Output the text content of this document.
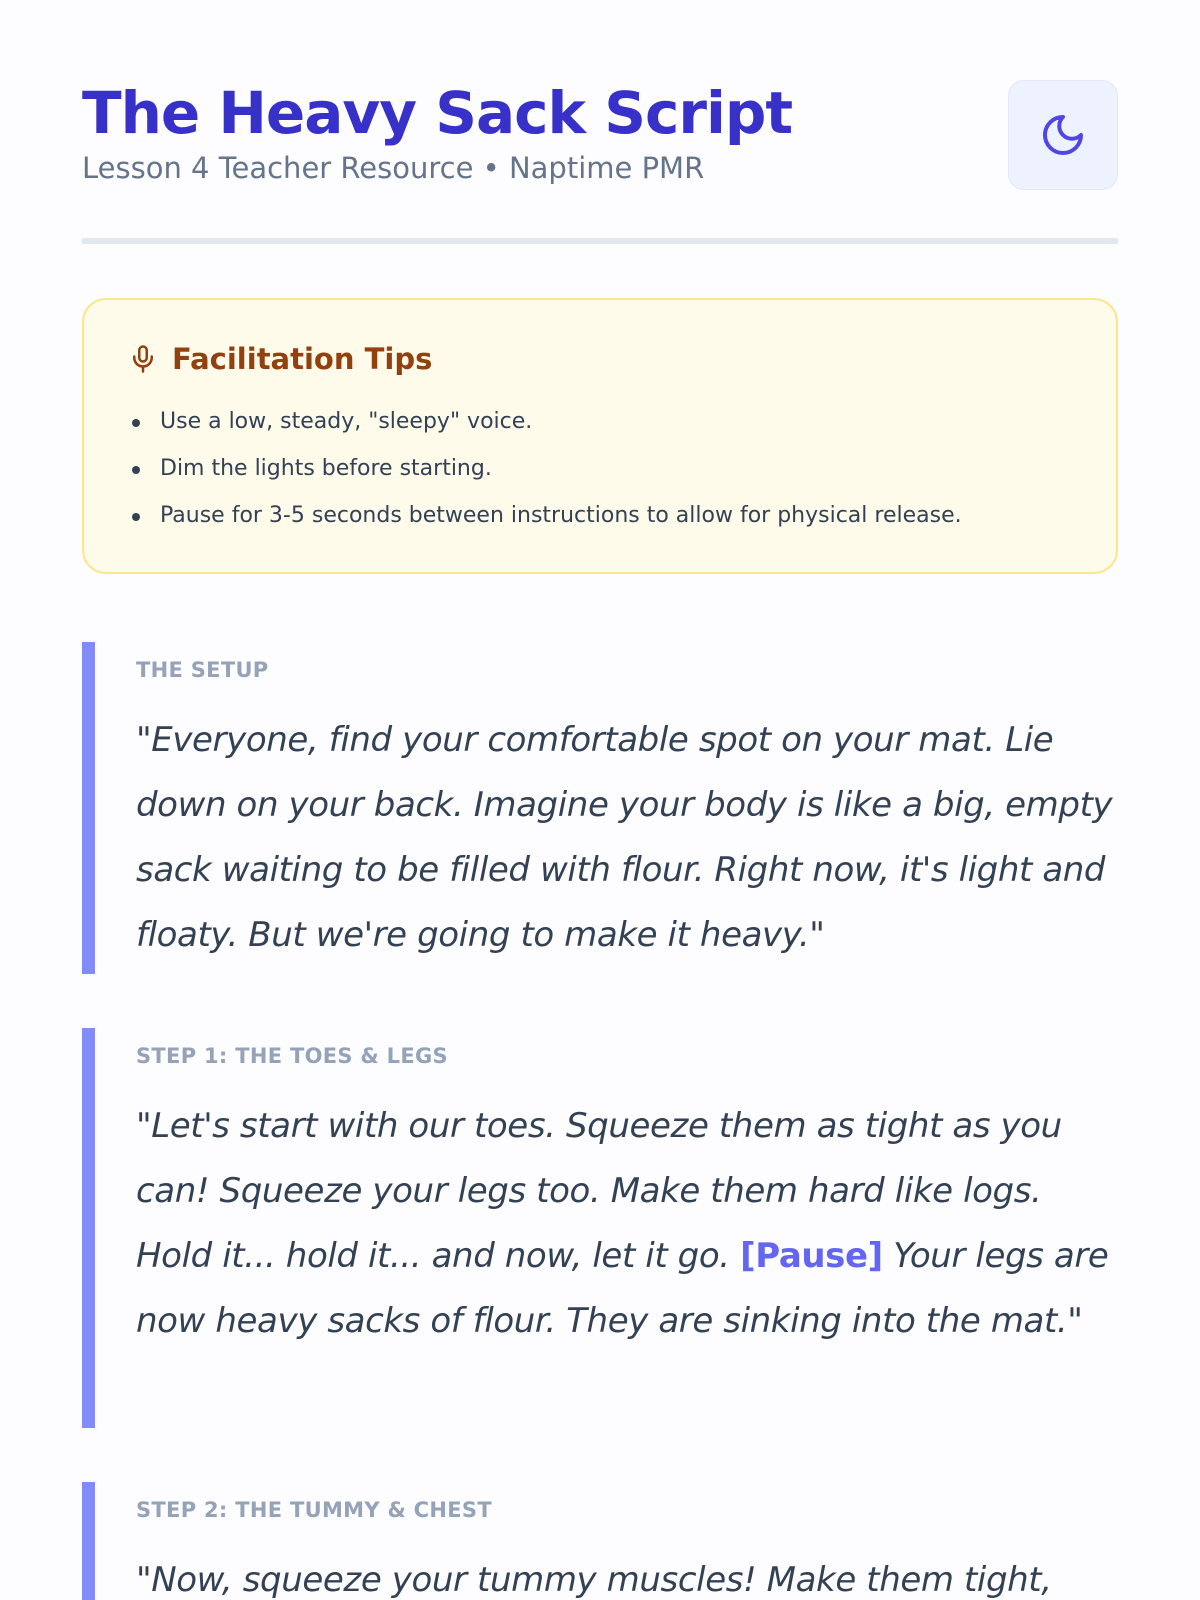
The Heavy Sack Script
Lesson 4 Teacher Resource • Naptime PMR
Facilitation Tips
Use a low, steady, "sleepy" voice.
Dim the lights before starting.
Pause for 3-5 seconds between instructions to allow for physical release.
THE SETUP

"Everyone, find your comfortable spot on your mat. Lie down on your back. Imagine your body is like a big, empty sack waiting to be filled with flour. Right now, it's light and floaty. But we're going to make it heavy."

STEP 1: THE TOES & LEGS

"Let's start with our toes. Squeeze them as tight as you can! Squeeze your legs too. Make them hard like logs. Hold it... hold it... and now, let it go. [Pause] Your legs are now heavy sacks of flour. They are sinking into the mat."

STEP 2: THE TUMMY & CHEST

"Now, squeeze your tummy muscles! Make them tight,
